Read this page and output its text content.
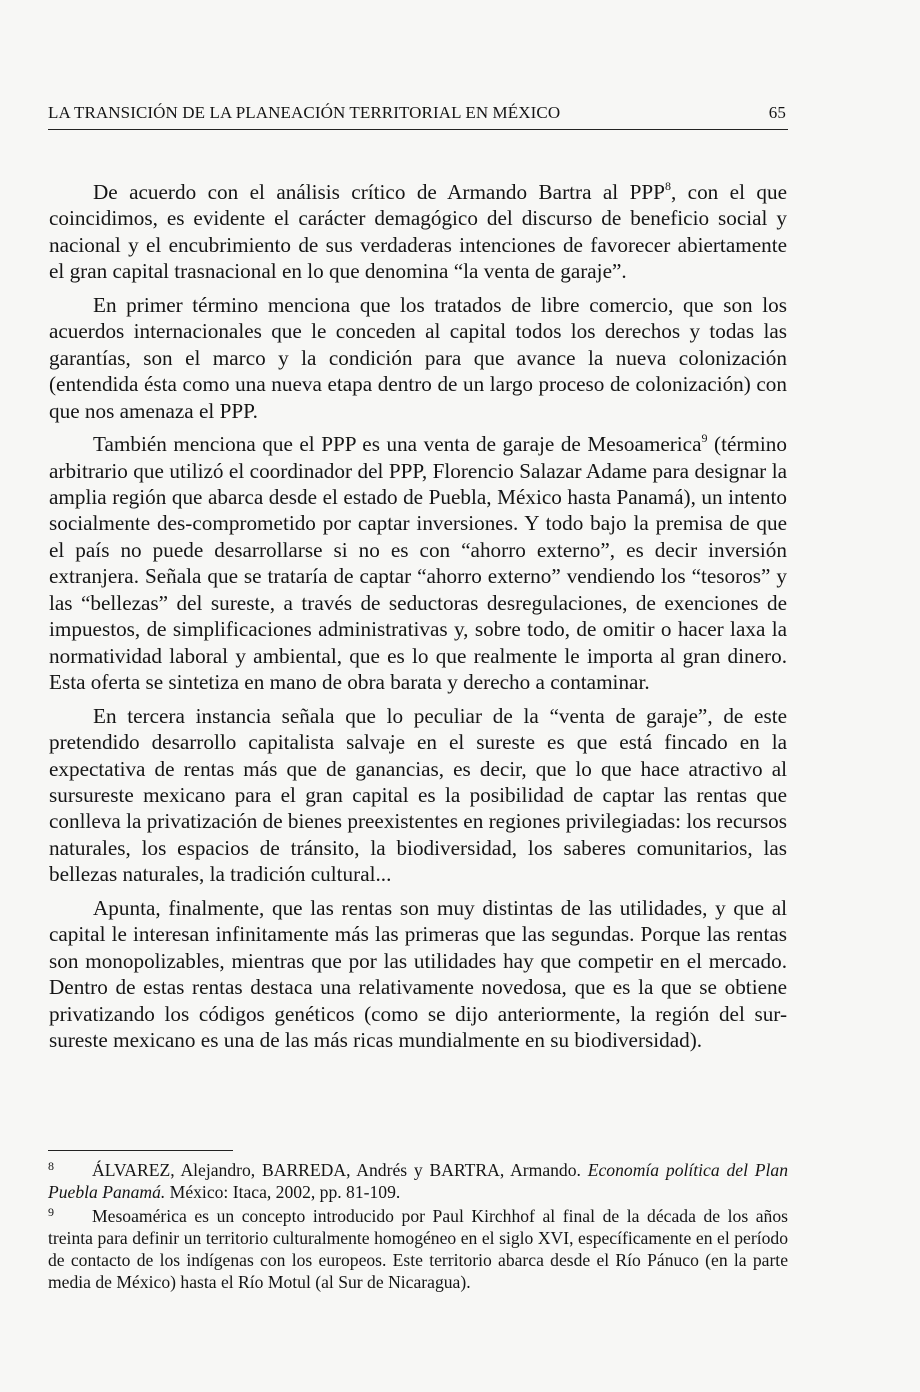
LA TRANSICIÓN DE LA PLANEACIÓN TERRITORIAL EN MÉXICO	65

De acuerdo con el análisis crítico de Armando Bartra al PPP$^8$, con el que coincidimos, es evidente el carácter demagógico del discurso de beneficio social y nacional y el encubrimiento de sus verdaderas intenciones de favorecer abiertamente el gran capital trasnacional en lo que denomina “la venta de garaje”.

En primer término menciona que los tratados de libre comercio, que son los acuerdos internacionales que le conceden al capital todos los derechos y todas las garantías, son el marco y la condición para que avance la nueva colonización (entendida ésta como una nueva etapa dentro de un largo proceso de colonización) con que nos amenaza el PPP.

También menciona que el PPP es una venta de garaje de Mesoamerica$^9$ (término arbitrario que utilizó el coordinador del PPP, Florencio Salazar Adame para designar la amplia región que abarca desde el estado de Puebla, México hasta Panamá), un intento socialmente des-comprometido por captar inversiones. Y todo bajo la premisa de que el país no puede desarrollarse si no es con “ahorro externo”, es decir inversión extranjera. Señala que se trataría de captar “ahorro externo” vendiendo los “tesoros” y las “bellezas” del sureste, a través de seductoras desregulaciones, de exenciones de impuestos, de simplificaciones administrativas y, sobre todo, de omitir o hacer laxa la normatividad laboral y ambiental, que es lo que realmente le importa al gran dinero. Esta oferta se sintetiza en mano de obra barata y derecho a contaminar.

En tercera instancia señala que lo peculiar de la “venta de garaje”, de este pretendido desarrollo capitalista salvaje en el sureste es que está fincado en la expectativa de rentas más que de ganancias, es decir, que lo que hace atractivo al sursureste mexicano para el gran capital es la posibilidad de captar las rentas que conlleva la privatización de bienes preexistentes en regiones privilegiadas: los recursos naturales, los espacios de tránsito, la biodiversidad, los saberes comunitarios, las bellezas naturales, la tradición cultural...

Apunta, finalmente, que las rentas son muy distintas de las utilidades, y que al capital le interesan infinitamente más las primeras que las segundas. Porque las rentas son monopolizables, mientras que por las utilidades hay que competir en el mercado. Dentro de estas rentas destaca una relativamente novedosa, que es la que se obtiene privatizando los códigos genéticos (como se dijo anteriormente, la región del sur-sureste mexicano es una de las más ricas mundialmente en su biodiversidad).

8 ÁLVAREZ, Alejandro, BARREDA, Andrés y BARTRA, Armando. Economía política del Plan Puebla Panamá. México: Itaca, 2002, pp. 81-109.

9 Mesoamérica es un concepto introducido por Paul Kirchhof al final de la década de los años treinta para definir un territorio culturalmente homogéneo en el siglo XVI, específicamente en el período de contacto de los indígenas con los europeos. Este territorio abarca desde el Río Pánuco (en la parte media de México) hasta el Río Motul (al Sur de Nicaragua).
